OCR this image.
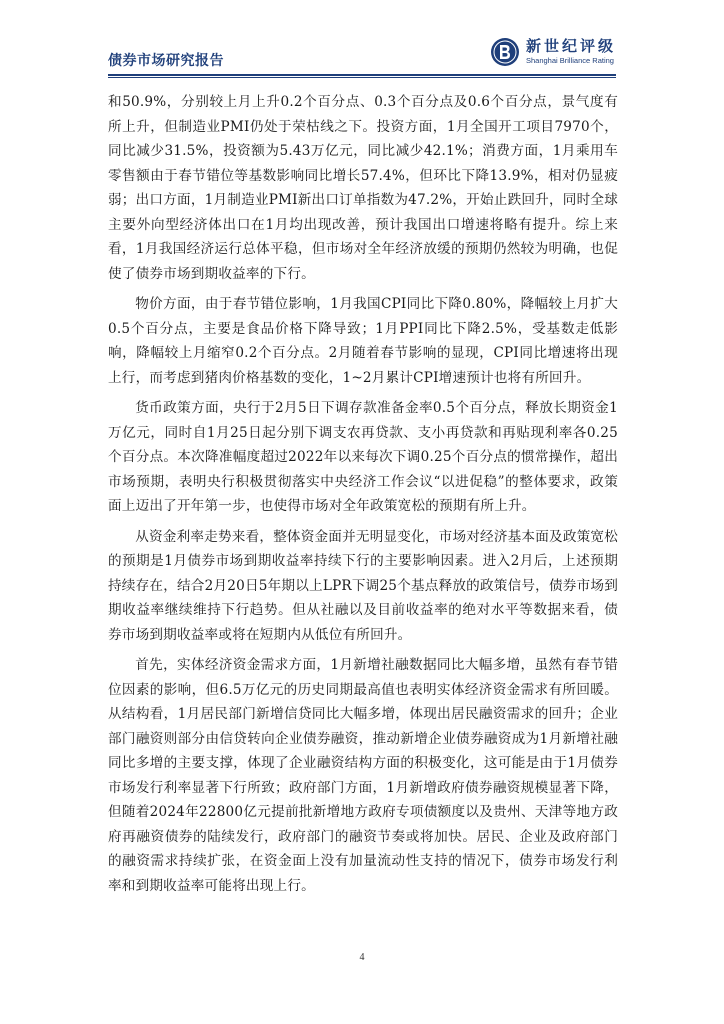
债券市场研究报告
新世纪评级
Shanghai Brilliance Rating

和50.9%，分别较上月上升0.2个百分点、0.3个百分点及0.6个百分点，景气度有所上升，但制造业PMI仍处于荣枯线之下。投资方面，1月全国开工项目7970个，同比减少31.5%，投资额为5.43万亿元，同比减少42.1%；消费方面，1月乘用车零售额由于春节错位等基数影响同比增长57.4%，但环比下降13.9%，相对仍显疲弱；出口方面，1月制造业PMI新出口订单指数为47.2%，开始止跌回升，同时全球主要外向型经济体出口在1月均出现改善，预计我国出口增速将略有提升。综上来看，1月我国经济运行总体平稳，但市场对全年经济放缓的预期仍然较为明确，也促使了债券市场到期收益率的下行。

物价方面，由于春节错位影响，1月我国CPI同比下降0.80%，降幅较上月扩大0.5个百分点，主要是食品价格下降导致；1月PPI同比下降2.5%，受基数走低影响，降幅较上月缩窄0.2个百分点。2月随着春节影响的显现，CPI同比增速将出现上行，而考虑到猪肉价格基数的变化，1~2月累计CPI增速预计也将有所回升。

货币政策方面，央行于2月5日下调存款准备金率0.5个百分点，释放长期资金1万亿元，同时自1月25日起分别下调支农再贷款、支小再贷款和再贴现利率各0.25个百分点。本次降准幅度超过2022年以来每次下调0.25个百分点的惯常操作，超出市场预期，表明央行积极贯彻落实中央经济工作会议“以进促稳”的整体要求，政策面上迈出了开年第一步，也使得市场对全年政策宽松的预期有所上升。

从资金利率走势来看，整体资金面并无明显变化，市场对经济基本面及政策宽松的预期是1月债券市场到期收益率持续下行的主要影响因素。进入2月后，上述预期持续存在，结合2月20日5年期以上LPR下调25个基点释放的政策信号，债券市场到期收益率继续维持下行趋势。但从社融以及目前收益率的绝对水平等数据来看，债券市场到期收益率或将在短期内从低位有所回升。

首先，实体经济资金需求方面，1月新增社融数据同比大幅多增，虽然有春节错位因素的影响，但6.5万亿元的历史同期最高值也表明实体经济资金需求有所回暖。从结构看，1月居民部门新增信贷同比大幅多增，体现出居民融资需求的回升；企业部门融资则部分由信贷转向企业债券融资，推动新增企业债券融资成为1月新增社融同比多增的主要支撑，体现了企业融资结构方面的积极变化，这可能是由于1月债券市场发行利率显著下行所致；政府部门方面，1月新增政府债券融资规模显著下降，但随着2024年22800亿元提前批新增地方政府专项债额度以及贵州、天津等地方政府再融资债券的陆续发行，政府部门的融资节奏或将加快。居民、企业及政府部门的融资需求持续扩张，在资金面上没有加量流动性支持的情况下，债券市场发行利率和到期收益率可能将出现上行。

4
